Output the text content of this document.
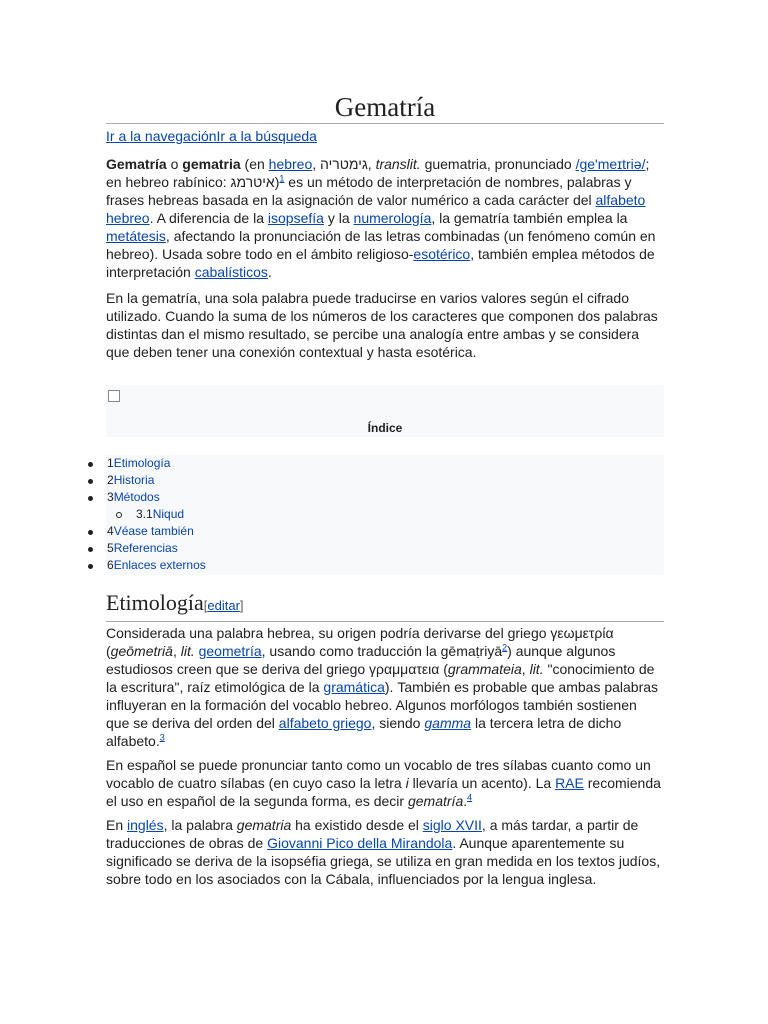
Gematría
Ir a la navegaciónIr a la búsqueda

Gematría o gematria (en hebreo, גימטריה, translit. guematria, pronunciado /ge'meɪtriə/; en hebreo rabínico: איטרמג)$^1$ es un método de interpretación de nombres, palabras y frases hebreas basada en la asignación de valor numérico a cada carácter del alfabeto hebreo. A diferencia de la isopsefía y la numerología, la gematría también emplea la metátesis, afectando la pronunciación de las letras combinadas (un fenómeno común en hebreo). Usada sobre todo en el ámbito religioso-esotérico, también emplea métodos de interpretación cabalísticos.

En la gematría, una sola palabra puede traducirse en varios valores según el cifrado utilizado. Cuando la suma de los números de los caracteres que componen dos palabras distintas dan el mismo resultado, se percibe una analogía entre ambas y se considera que deben tener una conexión contextual y hasta esotérica.

Índice
1Etimología
2Historia
3Métodos
3.1Niqud
4Véase también
5Referencias
6Enlaces externos
Etimología[editar]

Considerada una palabra hebrea, su origen podría derivarse del griego γεωμετρία (geōmetriā, lit. geometría, usando como traducción la gēmaṭriyā$^2$) aunque algunos estudiosos creen que se deriva del griego γραμματεια (grammateia, lit. "conocimiento de la escritura", raíz etimológica de la gramática). También es probable que ambas palabras influyeran en la formación del vocablo hebreo. Algunos morfólogos también sostienen que se deriva del orden del alfabeto griego, siendo gamma la tercera letra de dicho alfabeto.$^3$

En español se puede pronunciar tanto como un vocablo de tres sílabas cuanto como un vocablo de cuatro sílabas (en cuyo caso la letra i llevaría un acento). La RAE recomienda el uso en español de la segunda forma, es decir gematría.$^4$

En inglés, la palabra gematria ha existido desde el siglo XVII, a más tardar, a partir de traducciones de obras de Giovanni Pico della Mirandola. Aunque aparentemente su significado se deriva de la isopséfia griega, se utiliza en gran medida en los textos judíos, sobre todo en los asociados con la Cábala, influenciados por la lengua inglesa.
